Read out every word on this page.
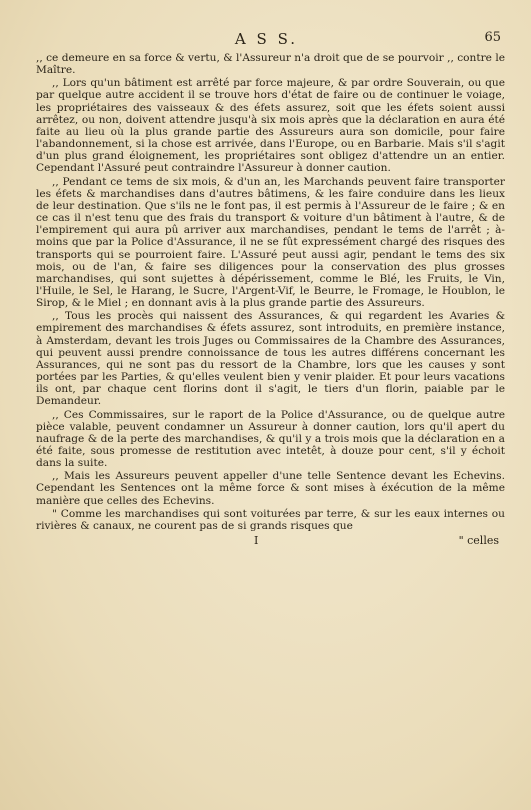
A S S.	65

,, ce demeure en sa force & vertu, & l'Assureur n'a droit que de se pourvoir ,, contre le Maître.

,, Lors qu'un bâtiment est arrêté par force majeure, & par ordre Souverain, ou que par quelque autre accident il se trouve hors d'état de faire ou de continuer le voiage, les propriétaires des vaisseaux & des éfets assurez, soit que les éfets soient aussi arrêtez, ou non, doivent attendre jusqu'à six mois après que la déclaration en aura été faite au lieu où la plus grande partie des Assureurs aura son domicile, pour faire l'abandonnement, si la chose est arrivée, dans l'Europe, ou en Barbarie. Mais s'il s'agit d'un plus grand éloignement, les propriétaires sont obligez d'attendre un an entier. Cependant l'Assuré peut contraindre l'Assureur à donner caution.

,, Pendant ce tems de six mois, & d'un an, les Marchands peuvent faire transporter les éfets & marchandises dans d'autres bâtimens, & les faire conduire dans les lieux de leur destination. Que s'ils ne le font pas, il est permis à l'Assureur de le faire ; & en ce cas il n'est tenu que des frais du transport & voiture d'un bâtiment à l'autre, & de l'empirement qui aura pû arriver aux marchandises, pendant le tems de l'arrêt ; à-moins que par la Police d'Assurance, il ne se fût expressément chargé des risques des transports qui se pourroient faire. L'Assuré peut aussi agir, pendant le tems des six mois, ou de l'an, & faire ses diligences pour la conservation des plus grosses marchandises, qui sont sujettes à dépérissement, comme le Blé, les Fruits, le Vin, l'Huile, le Sel, le Harang, le Sucre, l'Argent-Vif, le Beurre, le Fromage, le Houblon, le Sirop, & le Miel ; en donnant avis à la plus grande partie des Assureurs.

,, Tous les procès qui naissent des Assurances, & qui regardent les Avaries & empirement des marchandises & éfets assurez, sont introduits, en première instance, à Amsterdam, devant les trois Juges ou Commissaires de la Chambre des Assurances, qui peuvent aussi prendre connoissance de tous les autres différens concernant les Assurances, qui ne sont pas du ressort de la Chambre, lors que les causes y sont portées par les Parties, & qu'elles veulent bien y venir plaider. Et pour leurs vacations ils ont, par chaque cent florins dont il s'agit, le tiers d'un florin, paiable par le Demandeur.

,, Ces Commissaires, sur le raport de la Police d'Assurance, ou de quelque autre pièce valable, peuvent condamner un Assureur à donner caution, lors qu'il apert du naufrage & de la perte des marchandises, & qu'il y a trois mois que la déclaration en a été faite, sous promesse de restitution avec intetêt, à douze pour cent, s'il y échoit dans la suite.

,, Mais les Assureurs peuvent appeller d'une telle Sentence devant les Echevins. Cependant les Sentences ont la même force & sont mises à éxécution de la même manière que celles des Echevins.

" Comme les marchandises qui sont voiturées par terre, & sur les eaux internes ou rivières & canaux, ne courent pas de si grands risques que

I	" celles
